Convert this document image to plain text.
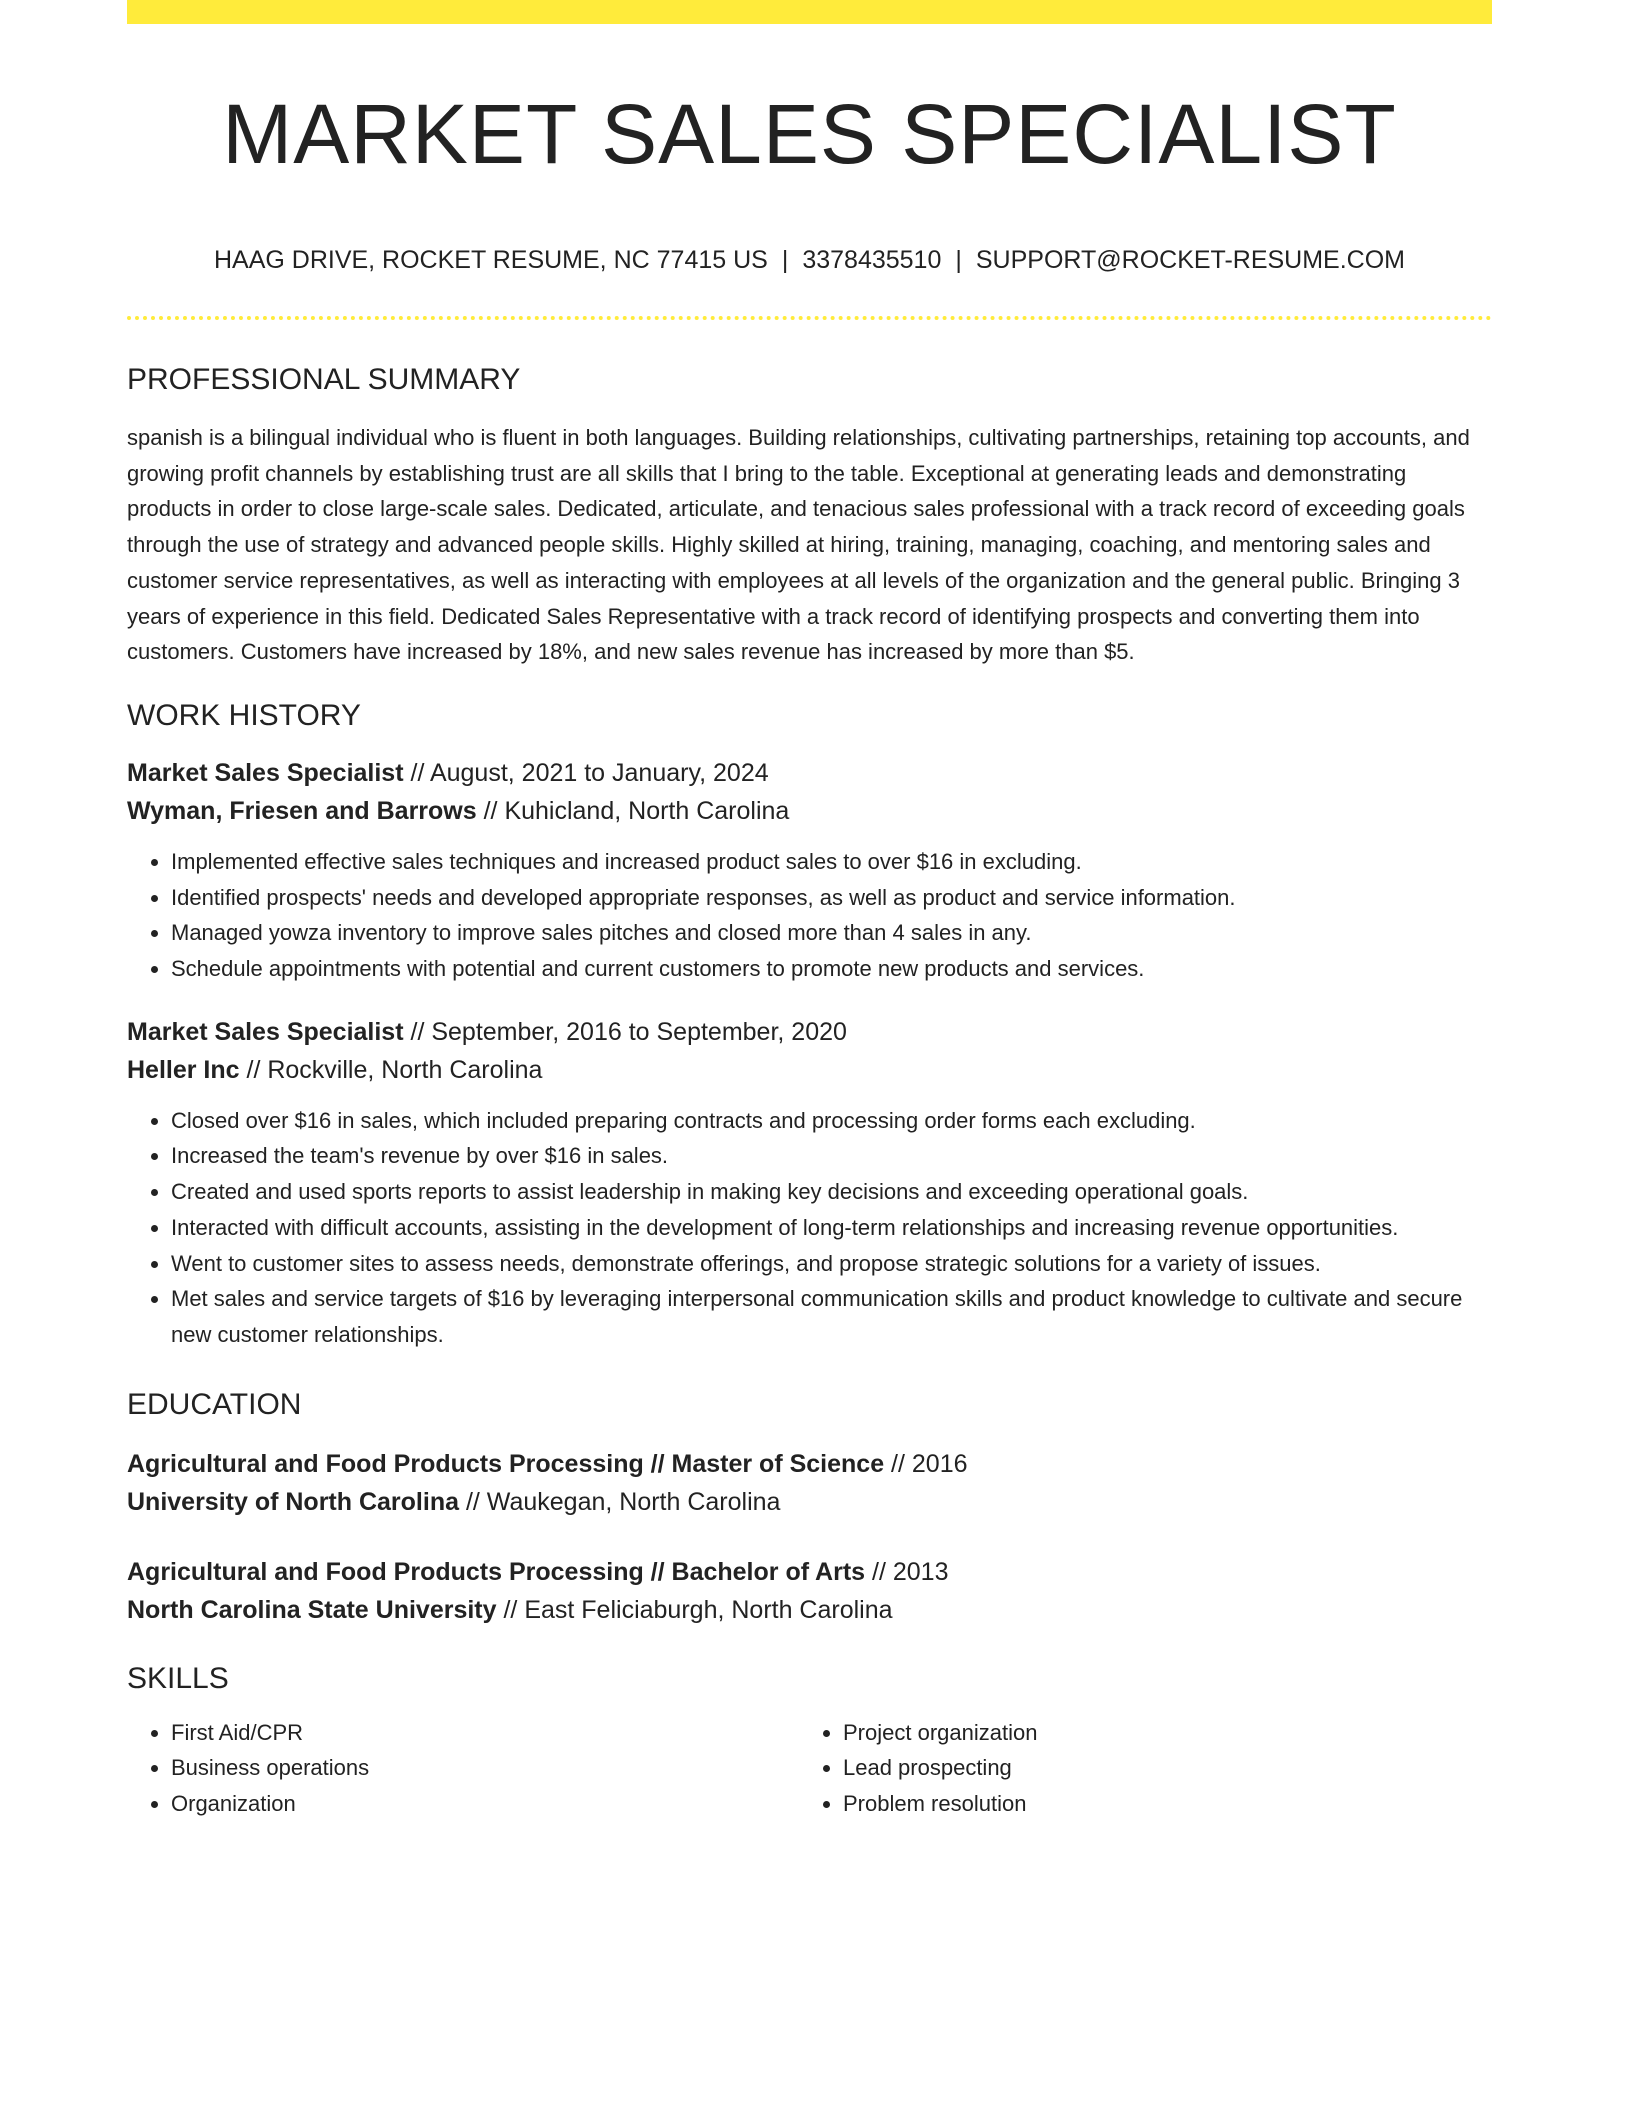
MARKET SALES SPECIALIST
HAAG DRIVE, ROCKET RESUME, NC 77415 US | 3378435510 | SUPPORT@ROCKET-RESUME.COM
PROFESSIONAL SUMMARY
spanish is a bilingual individual who is fluent in both languages. Building relationships, cultivating partnerships, retaining top accounts, and growing profit channels by establishing trust are all skills that I bring to the table. Exceptional at generating leads and demonstrating products in order to close large-scale sales. Dedicated, articulate, and tenacious sales professional with a track record of exceeding goals through the use of strategy and advanced people skills. Highly skilled at hiring, training, managing, coaching, and mentoring sales and customer service representatives, as well as interacting with employees at all levels of the organization and the general public. Bringing 3 years of experience in this field. Dedicated Sales Representative with a track record of identifying prospects and converting them into customers. Customers have increased by 18%, and new sales revenue has increased by more than $5.
WORK HISTORY
Market Sales Specialist // August, 2021 to January, 2024
Wyman, Friesen and Barrows // Kuhicland, North Carolina
• Implemented effective sales techniques and increased product sales to over $16 in excluding.
• Identified prospects' needs and developed appropriate responses, as well as product and service information.
• Managed yowza inventory to improve sales pitches and closed more than 4 sales in any.
• Schedule appointments with potential and current customers to promote new products and services.
Market Sales Specialist // September, 2016 to September, 2020
Heller Inc // Rockville, North Carolina
• Closed over $16 in sales, which included preparing contracts and processing order forms each excluding.
• Increased the team's revenue by over $16 in sales.
• Created and used sports reports to assist leadership in making key decisions and exceeding operational goals.
• Interacted with difficult accounts, assisting in the development of long-term relationships and increasing revenue opportunities.
• Went to customer sites to assess needs, demonstrate offerings, and propose strategic solutions for a variety of issues.
• Met sales and service targets of $16 by leveraging interpersonal communication skills and product knowledge to cultivate and secure new customer relationships.
EDUCATION
Agricultural and Food Products Processing // Master of Science // 2016
University of North Carolina // Waukegan, North Carolina
Agricultural and Food Products Processing // Bachelor of Arts // 2013
North Carolina State University // East Feliciaburgh, North Carolina
SKILLS
• First Aid/CPR
• Business operations
• Organization
• Project organization
• Lead prospecting
• Problem resolution
